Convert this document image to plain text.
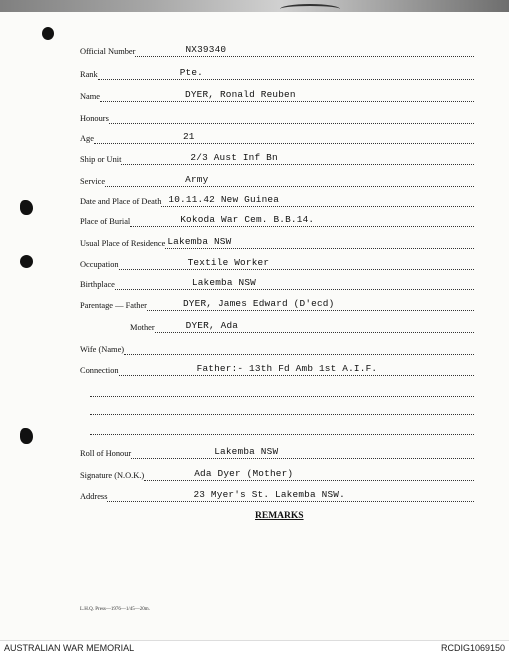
Official Number	NX39340
Rank	Pte.
Name	DYER, Ronald Reuben
Honours
Age	21
Ship or Unit	2/3 Aust Inf Bn
Service	Army
Date and Place of Death 10.11.42 New Guinea
Place of Burial	Kokoda War Cem. B.B.14.
Usual Place of Residence Lakemba NSW
Occupation	Textile Worker
Birthplace	Lakemba NSW
Parentage — Father	DYER, James Edward (D'ecd)
Mother	DYER, Ada
Wife (Name)
Connection	Father:- 13th Fd Amb 1st A.I.F.
Roll of Honour	Lakemba NSW
Signature (N.O.K.)	Ada Dyer (Mother)
Address	23 Myer's St. Lakemba NSW.
REMARKS
L.H.Q. Press—1976—1/45—20m.
AUSTRALIAN WAR MEMORIAL	RCDIG1069150
